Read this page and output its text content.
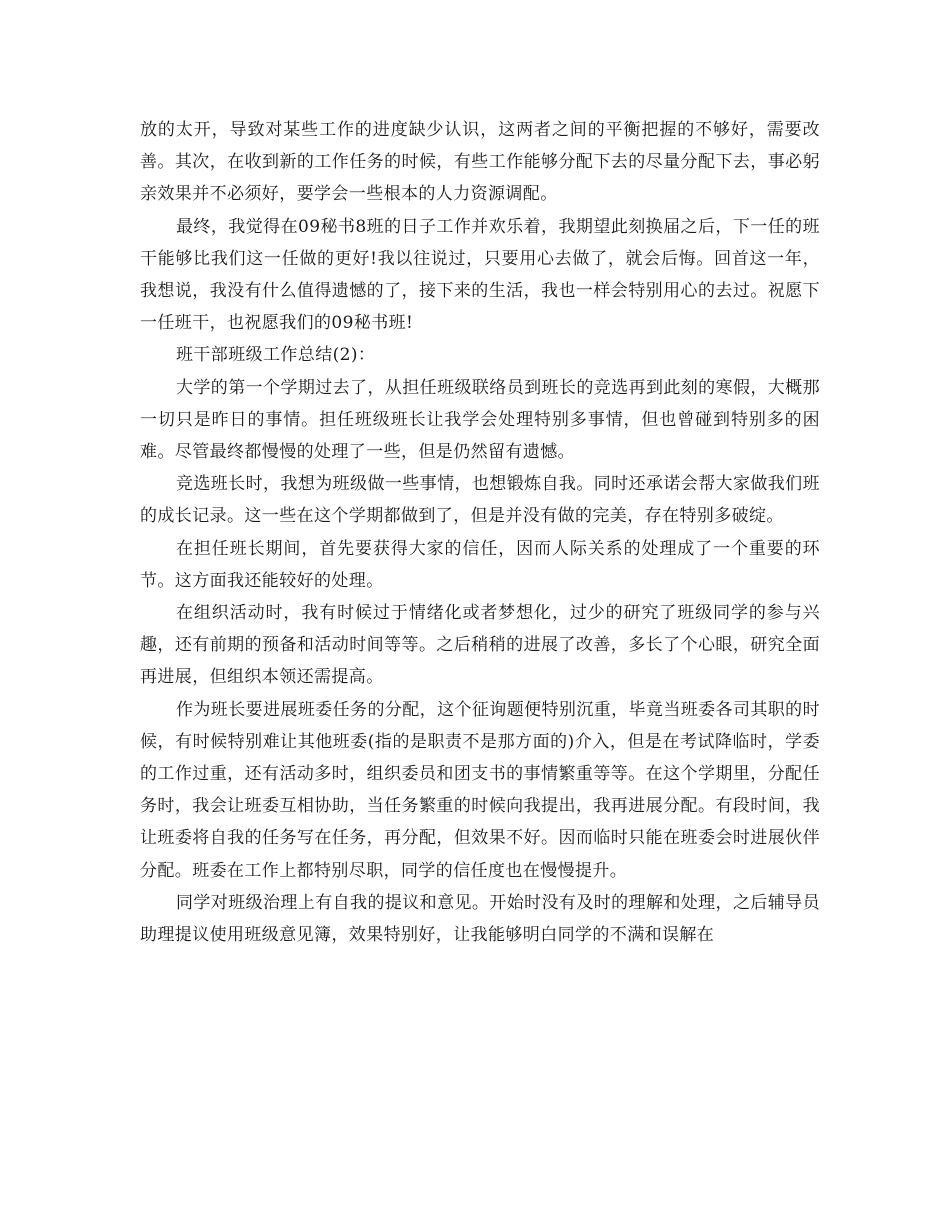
放的太开，导致对某些工作的进度缺少认识，这两者之间的平衡把握的不够好，需要改善。其次，在收到新的工作任务的时候，有些工作能够分配下去的尽量分配下去，事必躬亲效果并不必须好，要学会一些根本的人力资源调配。

最终，我觉得在09秘书8班的日子工作并欢乐着，我期望此刻换届之后，下一任的班干能够比我们这一任做的更好!我以往说过，只要用心去做了，就会后悔。回首这一年，我想说，我没有什么值得遗憾的了，接下来的生活，我也一样会特别用心的去过。祝愿下一任班干，也祝愿我们的09秘书班!

班干部班级工作总结(2)：

大学的第一个学期过去了，从担任班级联络员到班长的竞选再到此刻的寒假，大概那一切只是昨日的事情。担任班级班长让我学会处理特别多事情，但也曾碰到特别多的困难。尽管最终都慢慢的处理了一些，但是仍然留有遗憾。

竞选班长时，我想为班级做一些事情，也想锻炼自我。同时还承诺会帮大家做我们班的成长记录。这一些在这个学期都做到了，但是并没有做的完美，存在特别多破绽。

在担任班长期间，首先要获得大家的信任，因而人际关系的处理成了一个重要的环节。这方面我还能较好的处理。

在组织活动时，我有时候过于情绪化或者梦想化，过少的研究了班级同学的参与兴趣，还有前期的预备和活动时间等等。之后稍稍的进展了改善，多长了个心眼，研究全面再进展，但组织本领还需提高。

作为班长要进展班委任务的分配，这个征询题便特别沉重，毕竟当班委各司其职的时候，有时候特别难让其他班委(指的是职责不是那方面的)介入，但是在考试降临时，学委的工作过重，还有活动多时，组织委员和团支书的事情繁重等等。在这个学期里，分配任务时，我会让班委互相协助，当任务繁重的时候向我提出，我再进展分配。有段时间，我让班委将自我的任务写在任务，再分配，但效果不好。因而临时只能在班委会时进展伙伴分配。班委在工作上都特别尽职，同学的信任度也在慢慢提升。

同学对班级治理上有自我的提议和意见。开始时没有及时的理解和处理，之后辅导员助理提议使用班级意见簿，效果特别好，让我能够明白同学的不满和误解在
